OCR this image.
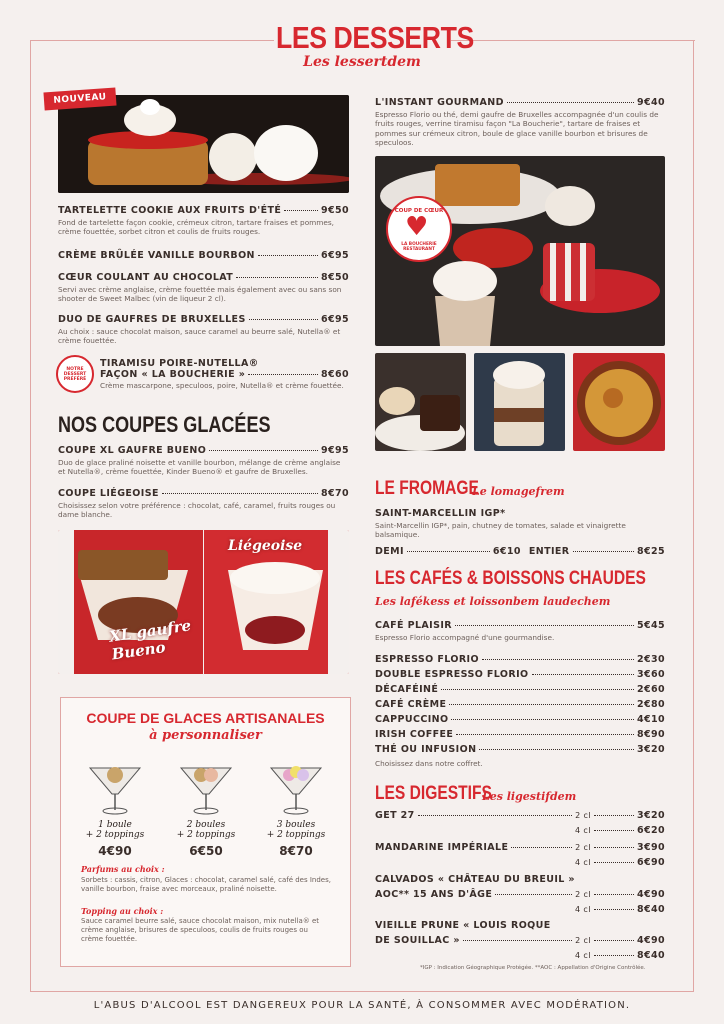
LES DESSERTS
Les lessertdem
NOUVEAU
TARTELETTE COOKIE AUX FRUITS D'ÉTÉ	9€50
Fond de tartelette façon cookie, crémeux citron, tartare fraises et pommes, crème fouettée, sorbet citron et coulis de fruits rouges.
CRÈME BRÛLÉE VANILLE BOURBON	6€95
CŒUR COULANT AU CHOCOLAT	8€50
Servi avec crème anglaise, crème fouettée mais également avec ou sans son shooter de Sweet Malbec (vin de liqueur 2 cl).
DUO DE GAUFRES DE BRUXELLES	6€95
Au choix : sauce chocolat maison, sauce caramel au beurre salé, Nutella® et crème fouettée.
NOTRE DESSERT PRÉFÉRÉ
TIRAMISU POIRE-NUTELLA®
FAÇON « LA BOUCHERIE »	8€60
Crème mascarpone, speculoos, poire, Nutella® et crème fouettée.
NOS COUPES GLACÉES
COUPE XL GAUFRE BUENO	9€95
Duo de glace praliné noisette et vanille bourbon, mélange de crème anglaise et Nutella®, crème fouettée, Kinder Bueno® et gaufre de Bruxelles.
COUPE LIÉGEOISE	8€70
Choisissez selon votre préférence : chocolat, café, caramel, fruits rouges ou dame blanche.
XL gaufre Bueno
Liégeoise
COUPE DE GLACES ARTISANALES
à personnaliser
1 boule
+ 2 toppings
4€90
2 boules
+ 2 toppings
6€50
3 boules
+ 2 toppings
8€70
Parfums au choix :
Sorbets : cassis, citron, Glaces : chocolat, caramel salé, café des Indes, vanille bourbon, fraise avec morceaux, praliné noisette.
Topping au choix :
Sauce caramel beurre salé, sauce chocolat maison, mix nutella® et crème anglaise, brisures de speculoos, coulis de fruits rouges ou crème fouettée.
L'INSTANT GOURMAND	9€40
Espresso Florio ou thé, demi gaufre de Bruxelles accompagnée d'un coulis de fruits rouges, verrine tiramisu façon "La Boucherie", tartare de fraises et pommes sur crémeux citron, boule de glace vanille bourbon et brisures de speculoos.
COUP DE CŒUR
♥
LA BOUCHERIE RESTAURANT
LE FROMAGE
Le lomagefrem
SAINT-MARCELLIN IGP*
Saint-Marcellin IGP*, pain, chutney de tomates, salade et vinaigrette balsamique.
DEMI	6€10 ENTIER	8€25
LES CAFÉS & BOISSONS CHAUDES
Les lafékess et loissonbem laudechem
CAFÉ PLAISIR	5€45
Espresso Florio accompagné d'une gourmandise.
ESPRESSO FLORIO	2€30
DOUBLE ESPRESSO FLORIO	3€60
DÉCAFÉINÉ	2€60
CAFÉ CRÈME	2€80
CAPPUCCINO	4€10
IRISH COFFEE	8€90
THÉ OU INFUSION	3€20
Choisissez dans notre coffret.
LES DIGESTIFS
Les ligestifdem
GET 27	2 cl	3€20
4 cl	6€20
MANDARINE IMPÉRIALE	2 cl	3€90
4 cl	6€90
CALVADOS « CHÂTEAU DU BREUIL »
AOC** 15 ANS D'ÂGE	2 cl	4€90
4 cl	8€40
VIEILLE PRUNE « LOUIS ROQUE
DE SOUILLAC »	2 cl	4€90
4 cl	8€40
*IGP : Indication Géographique Protégée. **AOC : Appellation d'Origine Contrôlée.
L'ABUS D'ALCOOL EST DANGEREUX POUR LA SANTÉ, À CONSOMMER AVEC MODÉRATION.
